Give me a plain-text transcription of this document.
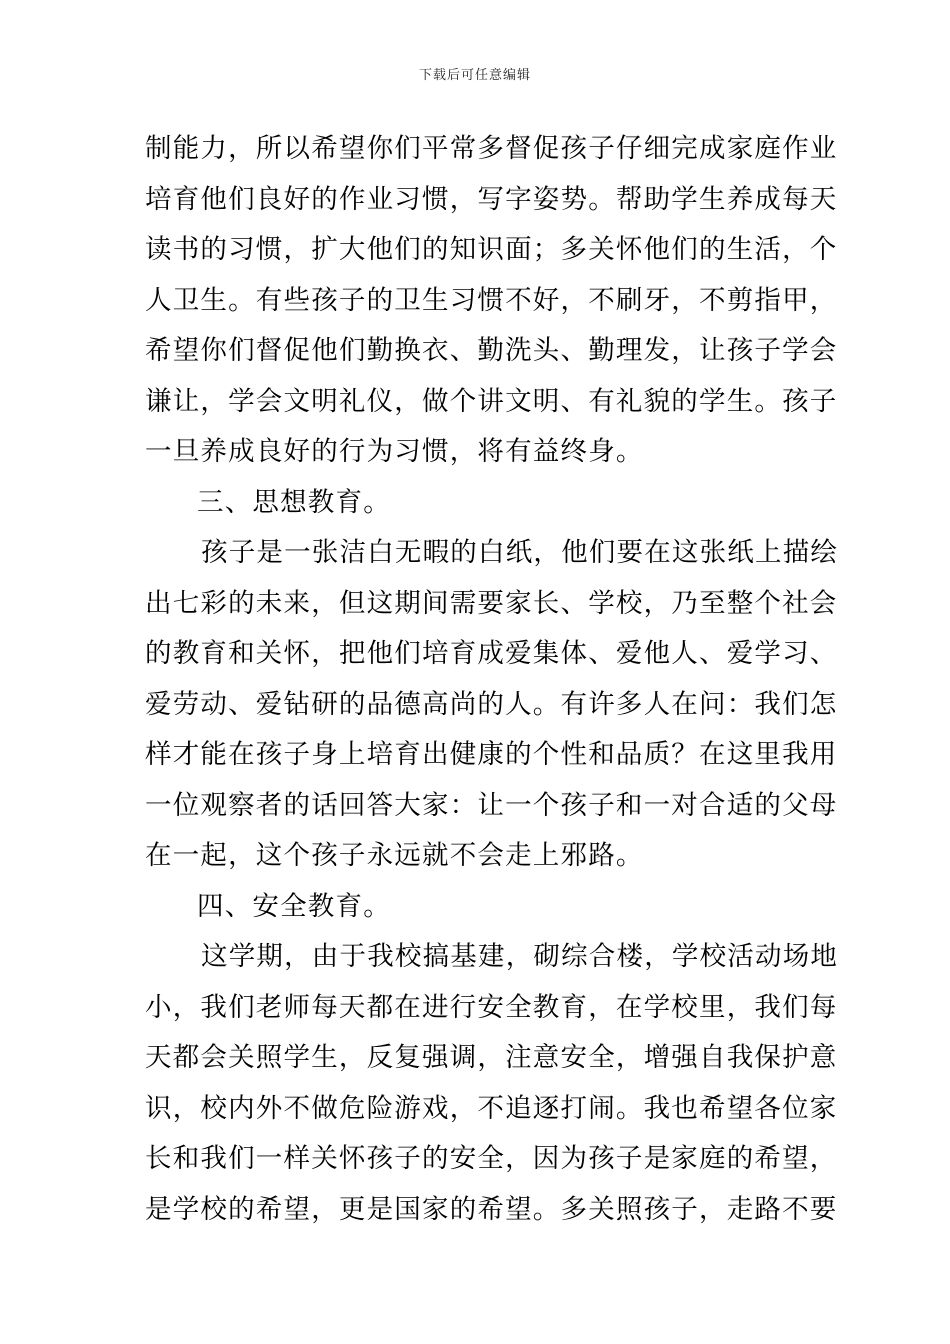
下载后可任意编辑
制能力，所以希望你们平常多督促孩子仔细完成家庭作业
培育他们良好的作业习惯，写字姿势。帮助学生养成每天
读书的习惯，扩大他们的知识面；多关怀他们的生活，个
人卫生。有些孩子的卫生习惯不好，不刷牙，不剪指甲，
希望你们督促他们勤换衣、勤洗头、勤理发，让孩子学会
谦让，学会文明礼仪，做个讲文明、有礼貌的学生。孩子
一旦养成良好的行为习惯，将有益终身。
三、思想教育。
孩子是一张洁白无暇的白纸，他们要在这张纸上描绘
出七彩的未来，但这期间需要家长、学校，乃至整个社会
的教育和关怀，把他们培育成爱集体、爱他人、爱学习、
爱劳动、爱钻研的品德高尚的人。有许多人在问：我们怎
样才能在孩子身上培育出健康的个性和品质？在这里我用
一位观察者的话回答大家：让一个孩子和一对合适的父母
在一起，这个孩子永远就不会走上邪路。
四、安全教育。
这学期，由于我校搞基建，砌综合楼，学校活动场地
小，我们老师每天都在进行安全教育，在学校里，我们每
天都会关照学生，反复强调，注意安全，增强自我保护意
识，校内外不做危险游戏，不追逐打闹。我也希望各位家
长和我们一样关怀孩子的安全，因为孩子是家庭的希望，
是学校的希望，更是国家的希望。多关照孩子，走路不要
